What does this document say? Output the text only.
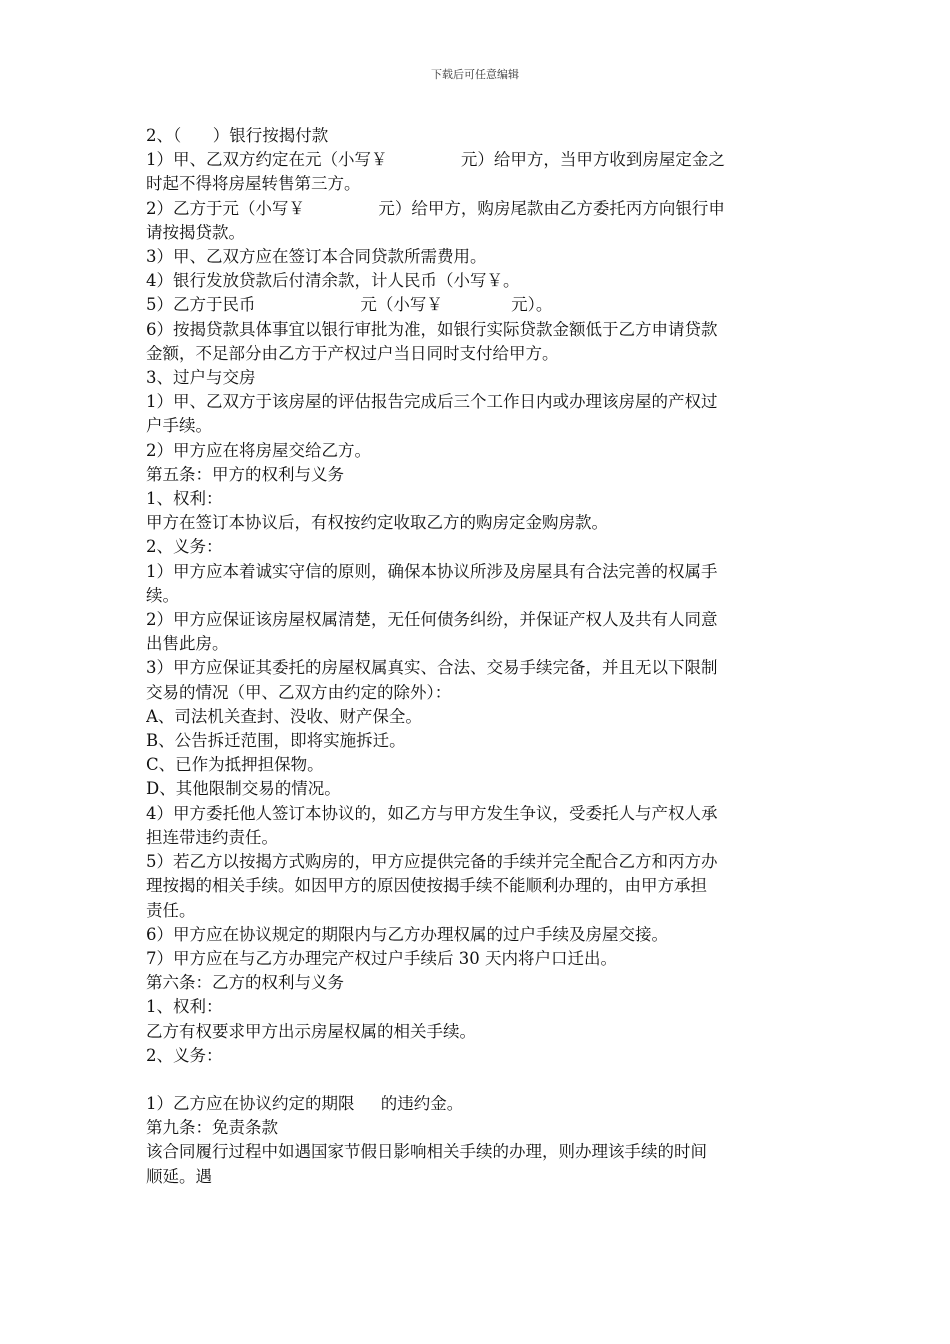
下载后可任意编辑
2、（      ）银行按揭付款
1）甲、乙双方约定在元（小写￥              元）给甲方，当甲方收到房屋定金之
时起不得将房屋转售第三方。
2）乙方于元（小写￥              元）给甲方，购房尾款由乙方委托丙方向银行申
请按揭贷款。
3）甲、乙双方应在签订本合同贷款所需费用。
4）银行发放贷款后付清余款，计人民币（小写￥。
5）乙方于民币                    元（小写￥             元）。
6）按揭贷款具体事宜以银行审批为准，如银行实际贷款金额低于乙方申请贷款
金额，不足部分由乙方于产权过户当日同时支付给甲方。
3、过户与交房
1）甲、乙双方于该房屋的评估报告完成后三个工作日内或办理该房屋的产权过
户手续。
2）甲方应在将房屋交给乙方。
第五条：甲方的权利与义务
1、权利：
甲方在签订本协议后，有权按约定收取乙方的购房定金购房款。
2、义务：
1）甲方应本着诚实守信的原则，确保本协议所涉及房屋具有合法完善的权属手
续。
2）甲方应保证该房屋权属清楚，无任何债务纠纷，并保证产权人及共有人同意
出售此房。
3）甲方应保证其委托的房屋权属真实、合法、交易手续完备，并且无以下限制
交易的情况（甲、乙双方由约定的除外）：
A、司法机关查封、没收、财产保全。
B、公告拆迁范围，即将实施拆迁。
C、已作为抵押担保物。
D、其他限制交易的情况。
4）甲方委托他人签订本协议的，如乙方与甲方发生争议，受委托人与产权人承
担连带违约责任。
5）若乙方以按揭方式购房的，甲方应提供完备的手续并完全配合乙方和丙方办
理按揭的相关手续。如因甲方的原因使按揭手续不能顺利办理的，由甲方承担
责任。
6）甲方应在协议规定的期限内与乙方办理权属的过户手续及房屋交接。
7）甲方应在与乙方办理完产权过户手续后 30 天内将户口迁出。
第六条：乙方的权利与义务
1、权利：
乙方有权要求甲方出示房屋权属的相关手续。
2、义务：
1）乙方应在协议约定的期限     的违约金。
第九条：免责条款
该合同履行过程中如遇国家节假日影响相关手续的办理，则办理该手续的时间
顺延。遇
